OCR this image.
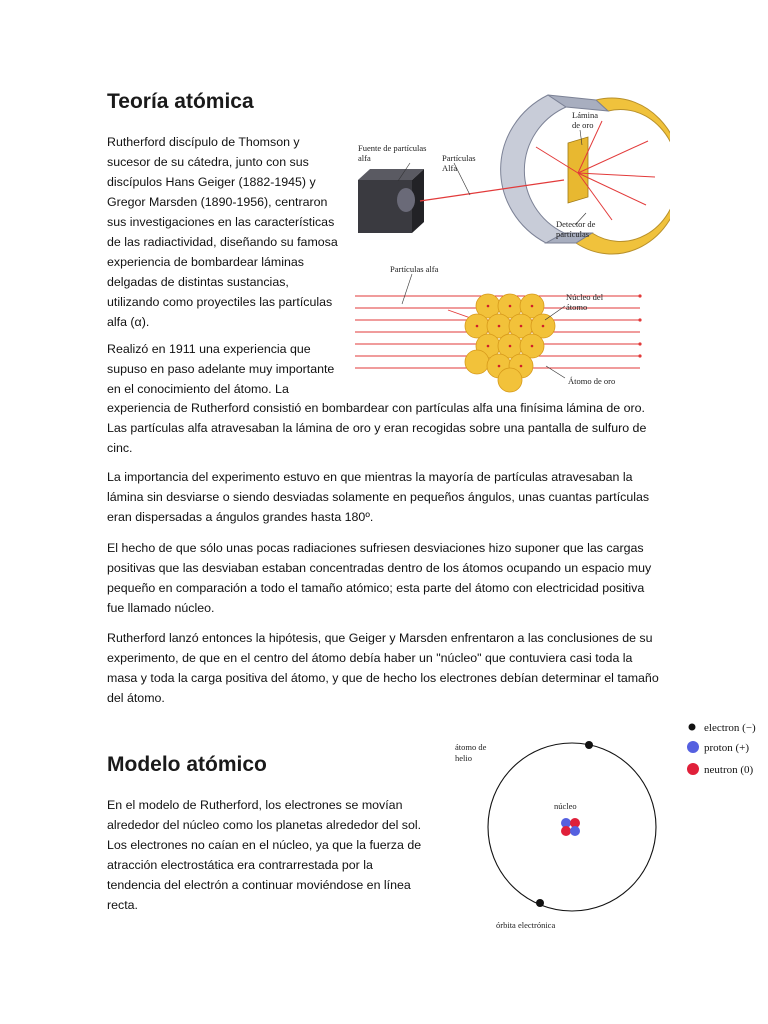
Teoría atómica

Rutherford discípulo de Thomson y sucesor de su cátedra, junto con sus discípulos Hans Geiger (1882-1945) y Gregor Marsden (1890-1956), centraron sus investigaciones en las características de las radiactividad, diseñando su famosa experiencia de bombardear láminas delgadas de distintas sustancias, utilizando como proyectiles las partículas alfa (α).

Realizó en 1911 una experiencia que supuso en paso adelante muy importante en el conocimiento del átomo. La

experiencia de Rutherford consistió en bombardear con partículas alfa una finísima lámina de oro. Las partículas alfa atravesaban la lámina de oro y eran recogidas sobre una pantalla de sulfuro de cinc.

La importancia del experimento estuvo en que mientras la mayoría de partículas atravesaban la lámina sin desviarse o siendo desviadas solamente en pequeños ángulos, unas cuantas partículas eran dispersadas a ángulos grandes hasta 180º.

El hecho de que sólo unas pocas radiaciones sufriesen desviaciones hizo suponer que las cargas positivas que las desviaban estaban concentradas dentro de los átomos ocupando un espacio muy pequeño en comparación a todo el tamaño atómico; esta parte del átomo con electricidad positiva fue llamado núcleo.

Rutherford lanzó entonces la hipótesis, que Geiger y Marsden enfrentaron a las conclusiones de su experimento, de que en el centro del átomo debía haber un "núcleo" que contuviera casi toda la masa y toda la carga positiva del átomo, y que de hecho los electrones debían determinar el tamaño del átomo.

Fuente de partículas
alfa	Partículas
Alfa
Lámina
de oro
Detector de
partículas
Partículas alfa
Núcleo del
átomo
Átomo de oro
Modelo atómico

En el modelo de Rutherford, los electrones se movían alrededor del núcleo como los planetas alrededor del sol. Los electrones no caían en el núcleo, ya que la fuerza de atracción electrostática era contrarrestada por la tendencia del electrón a continuar moviéndose en línea recta.

átomo de
helio
núcleo
órbita electrónica
electron (−)
proton (+)
neutron (0)
